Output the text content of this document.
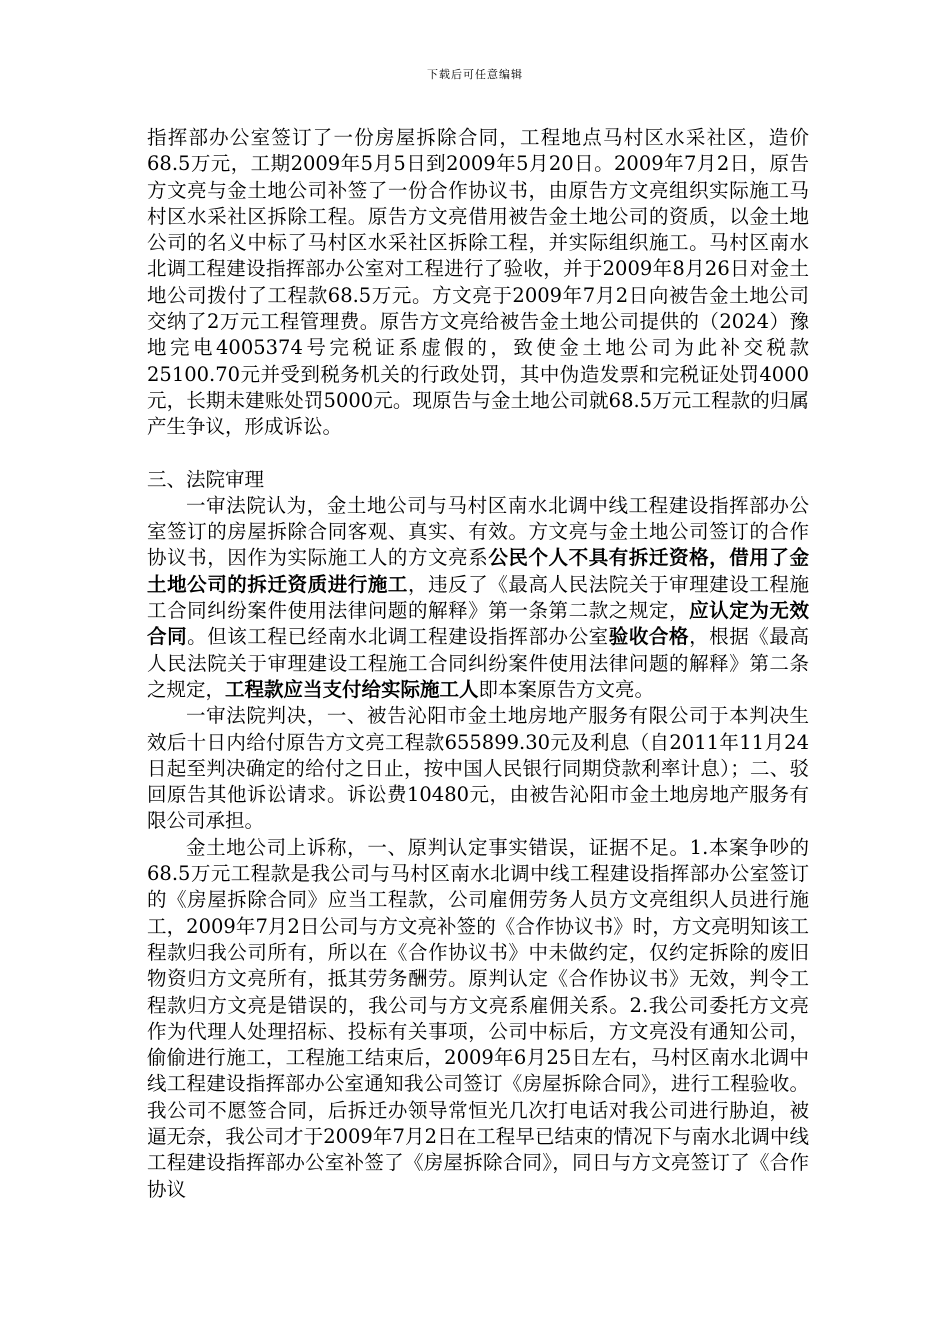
下载后可任意编辑

指挥部办公室签订了一份房屋拆除合同，工程地点马村区水采社区，造价68.5万元，工期2009年5月5日到2009年5月20日。2009年7月2日，原告方文亮与金土地公司补签了一份合作协议书，由原告方文亮组织实际施工马村区水采社区拆除工程。原告方文亮借用被告金土地公司的资质，以金土地公司的名义中标了马村区水采社区拆除工程，并实际组织施工。马村区南水北调工程建设指挥部办公室对工程进行了验收，并于2009年8月26日对金土地公司拨付了工程款68.5万元。方文亮于2009年7月2日向被告金土地公司交纳了2万元工程管理费。原告方文亮给被告金土地公司提供的（2024）豫地完电4005374号完税证系虚假的，致使金土地公司为此补交税款25100.70元并受到税务机关的行政处罚，其中伪造发票和完税证处罚4000元，长期未建账处罚5000元。现原告与金土地公司就68.5万元工程款的归属产生争议，形成诉讼。

三、法院审理

一审法院认为，金土地公司与马村区南水北调中线工程建设指挥部办公室签订的房屋拆除合同客观、真实、有效。方文亮与金土地公司签订的合作协议书，因作为实际施工人的方文亮系公民个人不具有拆迁资格，借用了金土地公司的拆迁资质进行施工，违反了《最高人民法院关于审理建设工程施工合同纠纷案件使用法律问题的解释》第一条第二款之规定，应认定为无效合同。但该工程已经南水北调工程建设指挥部办公室验收合格，根据《最高人民法院关于审理建设工程施工合同纠纷案件使用法律问题的解释》第二条之规定，工程款应当支付给实际施工人即本案原告方文亮。

一审法院判决，一、被告沁阳市金土地房地产服务有限公司于本判决生效后十日内给付原告方文亮工程款655899.30元及利息（自2011年11月24日起至判决确定的给付之日止，按中国人民银行同期贷款利率计息）；二、驳回原告其他诉讼请求。诉讼费10480元，由被告沁阳市金土地房地产服务有限公司承担。

金土地公司上诉称，一、原判认定事实错误，证据不足。1.本案争吵的68.5万元工程款是我公司与马村区南水北调中线工程建设指挥部办公室签订的《房屋拆除合同》应当工程款，公司雇佣劳务人员方文亮组织人员进行施工，2009年7月2日公司与方文亮补签的《合作协议书》时，方文亮明知该工程款归我公司所有，所以在《合作协议书》中未做约定，仅约定拆除的废旧物资归方文亮所有，抵其劳务酬劳。原判认定《合作协议书》无效，判令工程款归方文亮是错误的，我公司与方文亮系雇佣关系。2.我公司委托方文亮作为代理人处理招标、投标有关事项，公司中标后，方文亮没有通知公司，偷偷进行施工，工程施工结束后，2009年6月25日左右，马村区南水北调中线工程建设指挥部办公室通知我公司签订《房屋拆除合同》，进行工程验收。我公司不愿签合同，后拆迁办领导常恒光几次打电话对我公司进行胁迫，被逼无奈，我公司才于2009年7月2日在工程早已结束的情况下与南水北调中线工程建设指挥部办公室补签了《房屋拆除合同》，同日与方文亮签订了《合作协议
